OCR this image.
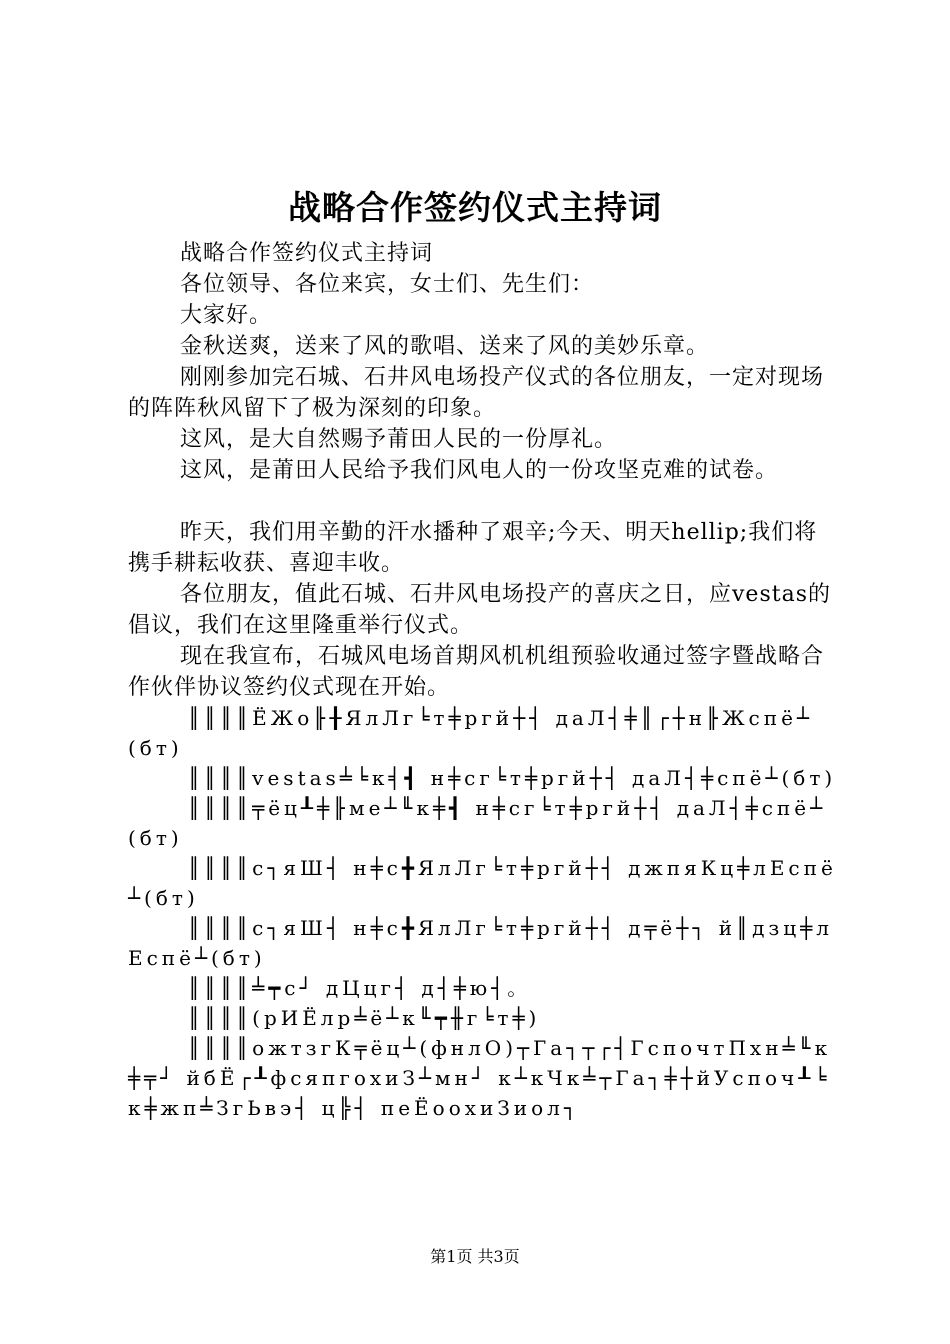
战略合作签约仪式主持词

战略合作签约仪式主持词

各位领导、各位来宾，女士们、先生们：

大家好。

金秋送爽，送来了风的歌唱、送来了风的美妙乐章。

刚刚参加完石城、石井风电场投产仪式的各位朋友，一定对现场的阵阵秋风留下了极为深刻的印象。

这风，是大自然赐予莆田人民的一份厚礼。

这风，是莆田人民给予我们风电人的一份攻坚克难的试卷。

昨天，我们用辛勤的汗水播种了艰辛;今天、明天hellip;我们将携手耕耘收获、喜迎丰收。

各位朋友，值此石城、石井风电场投产的喜庆之日，应vestas的倡议，我们在这里隆重举行仪式。

现在我宣布，石城风电场首期风机机组预验收通过签字暨战略合作伙伴协议签约仪式现在开始。

║║║║ЁЖо╟╂ЯлЛг╘т╪ргй┼┤ даЛ┤╪║┌┼н╟Жспё┴(бт)

║║║║vestas╧╘к╡┫ н╪сг╘т╪ргй┼┤ даЛ┤╪спё┴(бт)

║║║║╤ёц┸╪╟ме┴╙к╪┫ н╪сг╘т╪ргй┼┤ даЛ┤╪спё┴(бт)

║║║║с┐яШ┤ н╪с╋ЯлЛг╘т╪ргй┼┤ джпяКц╪лЕспё┴(бт)

║║║║с┐яШ┤ н╪с╋ЯлЛг╘т╪ргй┼┤ д╤ё┼┐ й║дзц╪лЕспё┴(бт)

║║║║╧┯с┘ дЦцг┤ д┤╪ю┤。

║║║║(рИЁлр╧ё┴к╙┯╫г╘т╪)

║║║║ожтзгК╤ёц┴(фнлО)┬Га┐┬┌┤ГспочтПхн╧╙к╪╤┘ йбЁ┌┸фсяпгохиЗ┴мн┘ к┴кЧк╧┬Га┐╪┼йУспоч┸╘к╪жп╧ЗгЬвэ┤ ц╠┤ пеЁоохиЗиол┐

第1页 共3页
